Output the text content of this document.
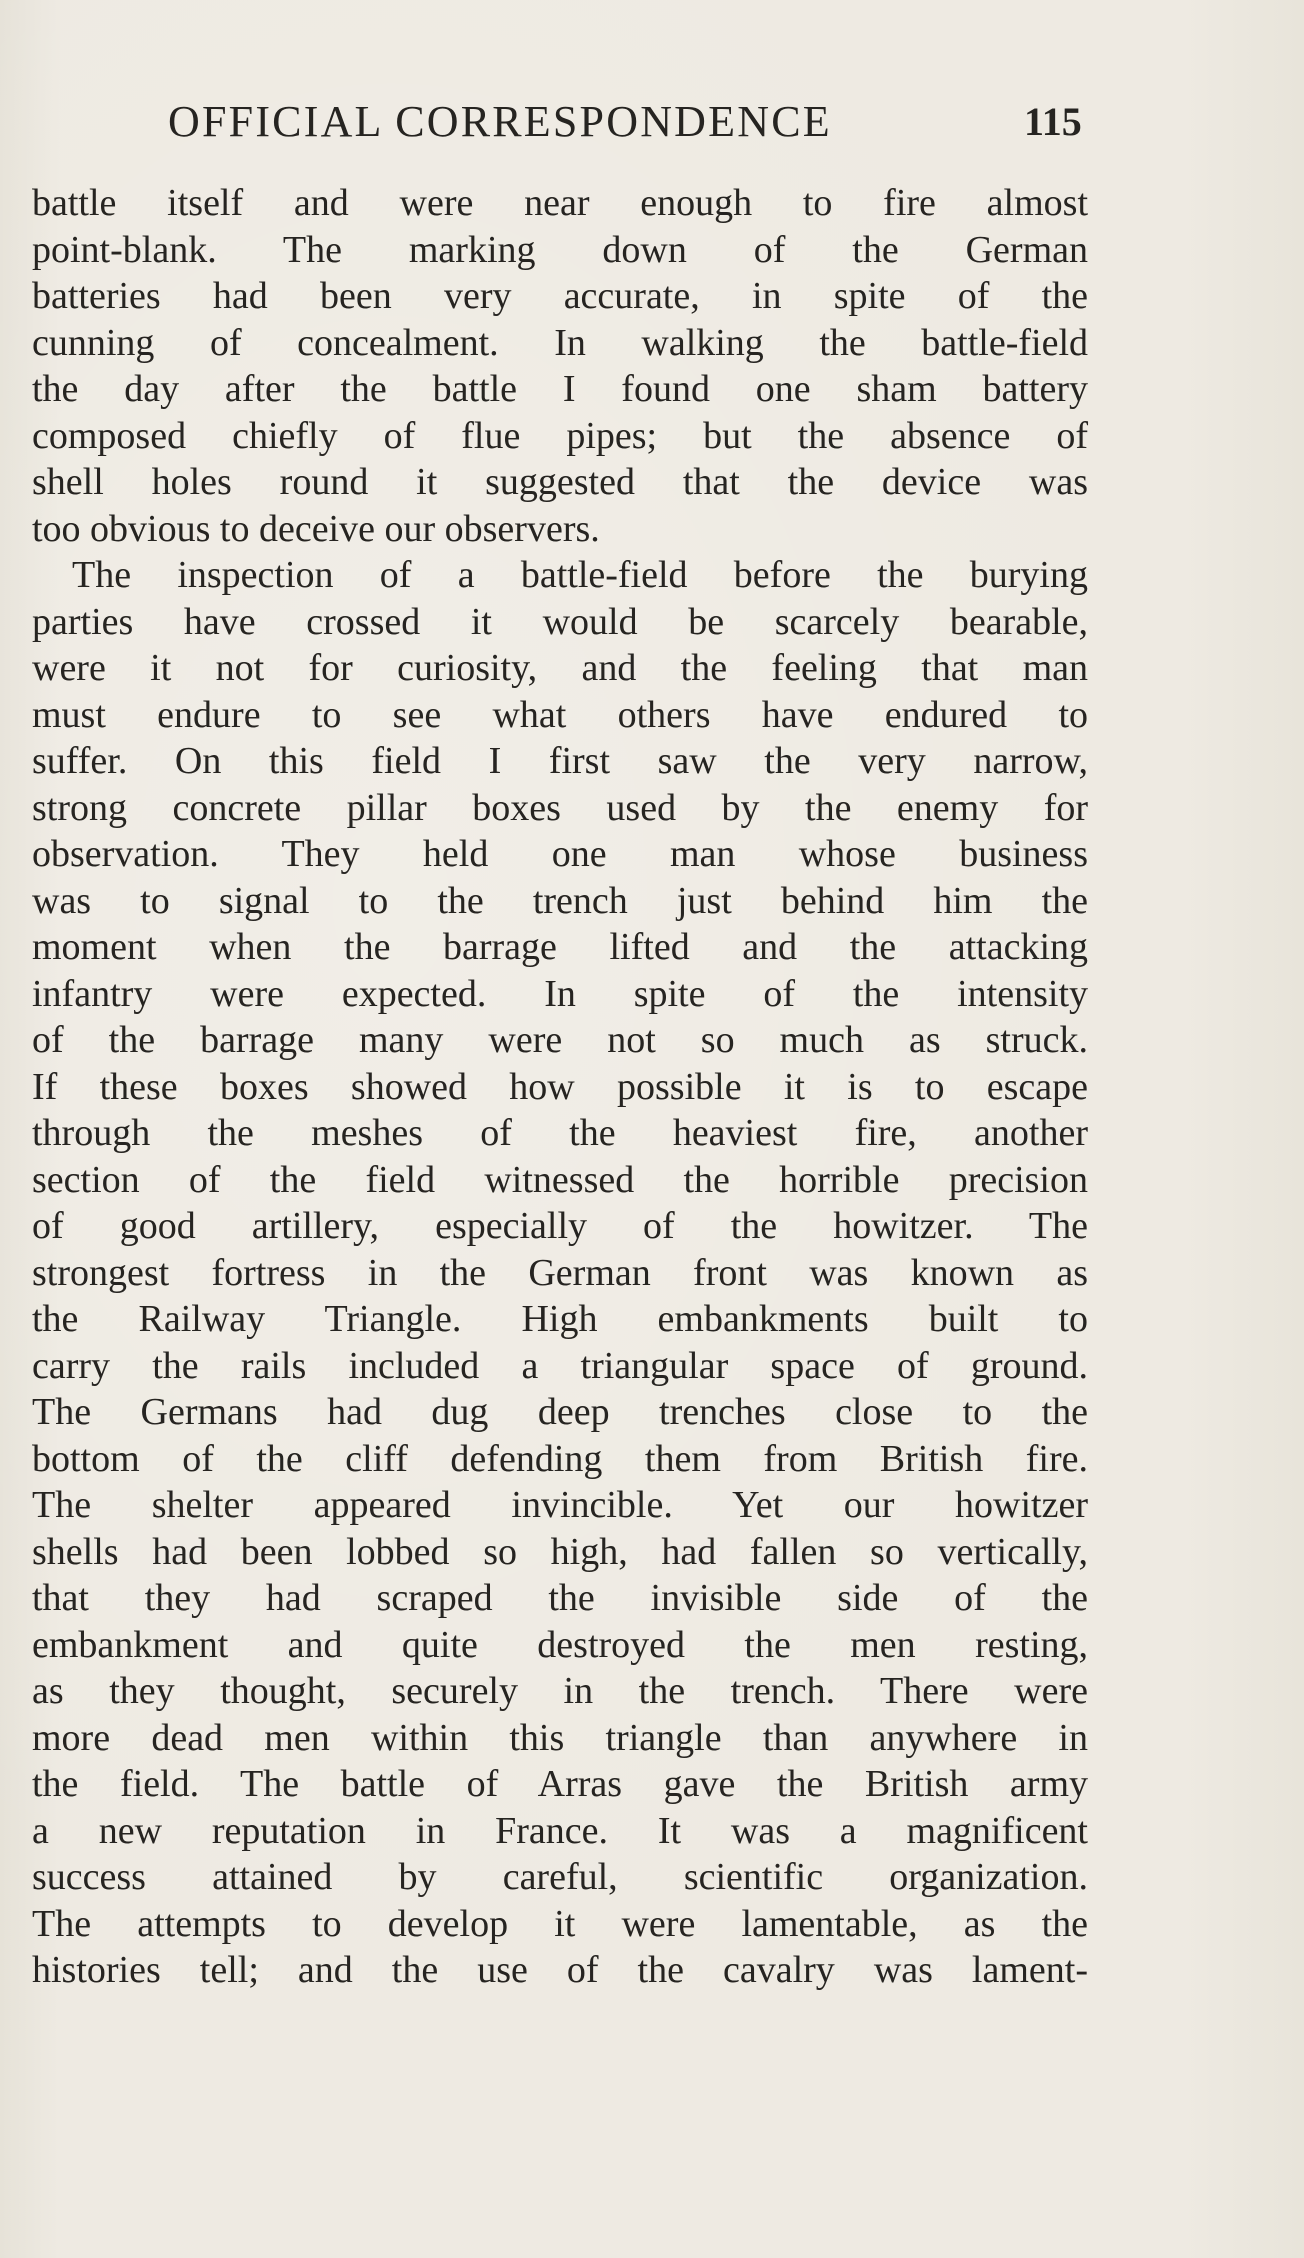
OFFICIAL CORRESPONDENCE	115
battle itself and were near enough to fire almost
point-blank. The marking down of the German
batteries had been very accurate, in spite of the
cunning of concealment. In walking the battle-field
the day after the battle I found one sham battery
composed chiefly of flue pipes; but the absence of
shell holes round it suggested that the device was
too obvious to deceive our observers.
The inspection of a battle-field before the burying
parties have crossed it would be scarcely bearable,
were it not for curiosity, and the feeling that man
must endure to see what others have endured to
suffer. On this field I first saw the very narrow,
strong concrete pillar boxes used by the enemy for
observation. They held one man whose business
was to signal to the trench just behind him the
moment when the barrage lifted and the attacking
infantry were expected. In spite of the intensity
of the barrage many were not so much as struck.
If these boxes showed how possible it is to escape
through the meshes of the heaviest fire, another
section of the field witnessed the horrible precision
of good artillery, especially of the howitzer. The
strongest fortress in the German front was known as
the Railway Triangle. High embankments built to
carry the rails included a triangular space of ground.
The Germans had dug deep trenches close to the
bottom of the cliff defending them from British fire.
The shelter appeared invincible. Yet our howitzer
shells had been lobbed so high, had fallen so vertically,
that they had scraped the invisible side of the
embankment and quite destroyed the men resting,
as they thought, securely in the trench. There were
more dead men within this triangle than anywhere in
the field. The battle of Arras gave the British army
a new reputation in France. It was a magnificent
success attained by careful, scientific organization.
The attempts to develop it were lamentable, as the
histories tell; and the use of the cavalry was lament-
